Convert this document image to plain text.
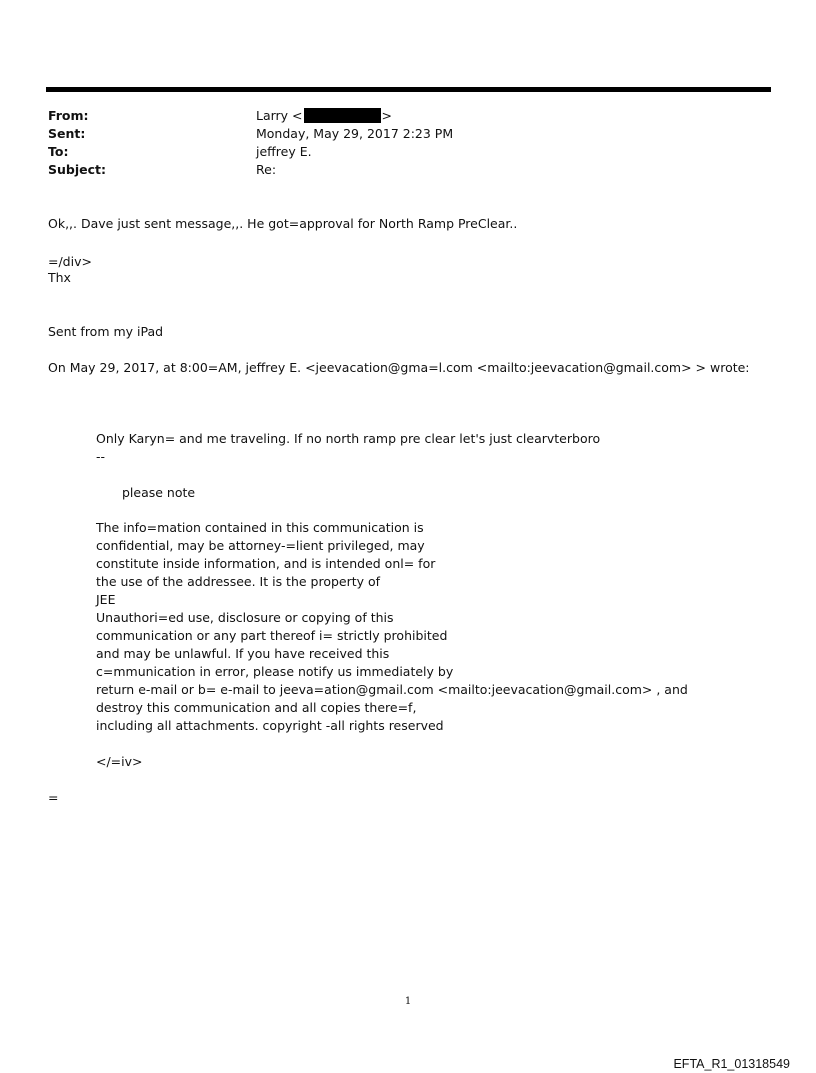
From:	Larry <	>
Sent:	Monday, May 29, 2017 2:23 PM
To:	jeffrey E.
Subject:	Re:
Ok,,. Dave just sent message,,. He got=approval for North Ramp PreClear..
=/div>
Thx
Sent from my iPad
On May 29, 2017, at 8:00=AM, jeffrey E. <jeevacation@gma=l.com <mailto:jeevacation@gmail.com> > wrote:
Only Karyn= and me traveling. If no north ramp pre clear let's just clearvterboro
--
please note
The info=mation contained in this communication is
confidential, may be attorney-=lient privileged, may
constitute inside information, and is intended onl= for
the use of the addressee. It is the property of
JEE
Unauthori=ed use, disclosure or copying of this
communication or any part thereof i= strictly prohibited
and may be unlawful. If you have received this
c=mmunication in error, please notify us immediately by
return e-mail or b= e-mail to jeeva=ation@gmail.com <mailto:jeevacation@gmail.com> , and
destroy this communication and all copies there=f,
including all attachments. copyright -all rights reserved
</=iv>
=
1
EFTA_R1_01318549
